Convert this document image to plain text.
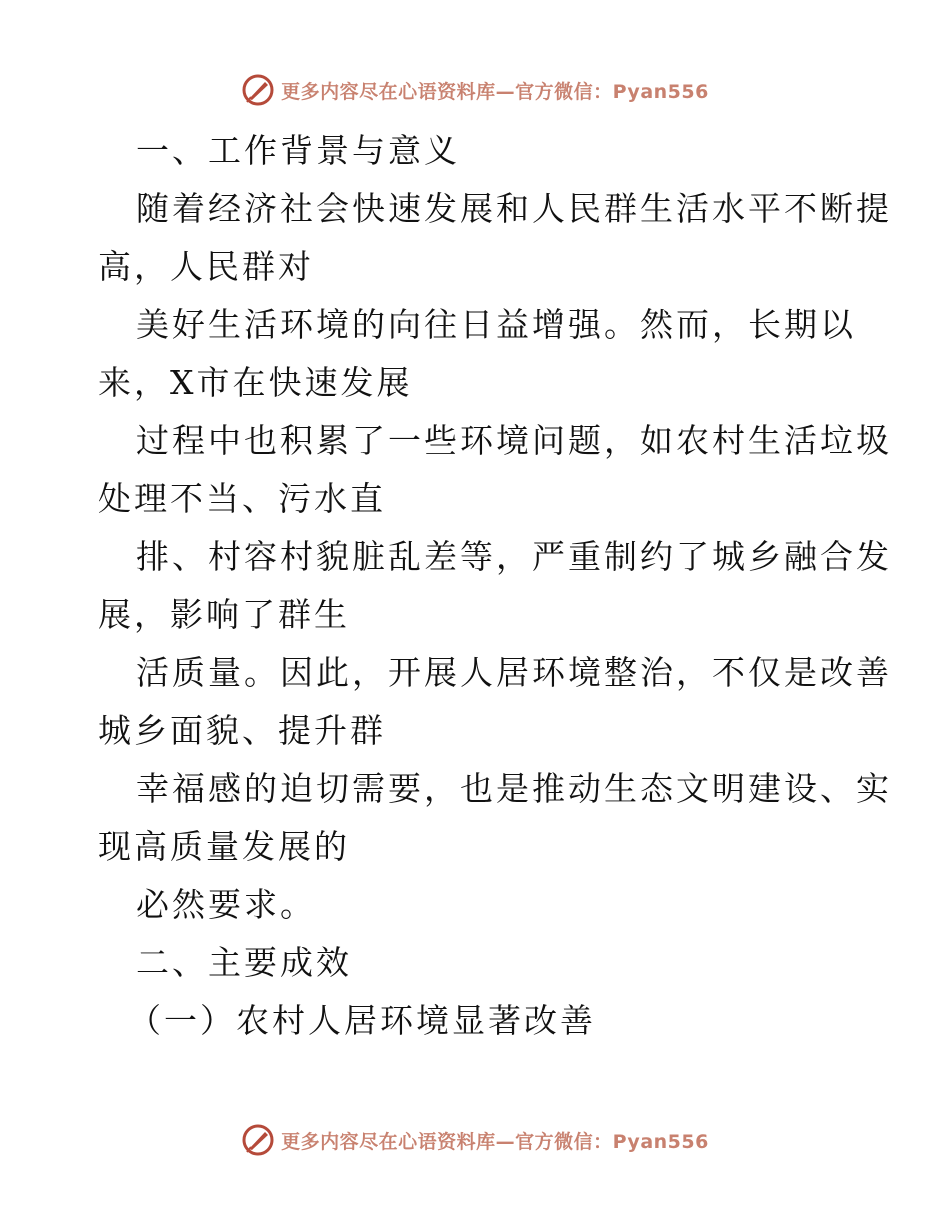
更多内容尽在心语资料库—官方微信：Pyan556
一、工作背景与意义
随着经济社会快速发展和人民群生活水平不断提
高，人民群对
美好生活环境的向往日益增强。然而，长期以
来，X市在快速发展
过程中也积累了一些环境问题，如农村生活垃圾
处理不当、污水直
排、村容村貌脏乱差等，严重制约了城乡融合发
展，影响了群生
活质量。因此，开展人居环境整治，不仅是改善
城乡面貌、提升群
幸福感的迫切需要，也是推动生态文明建设、实
现高质量发展的
必然要求。
二、主要成效
（一）农村人居环境显著改善
更多内容尽在心语资料库—官方微信：Pyan556
